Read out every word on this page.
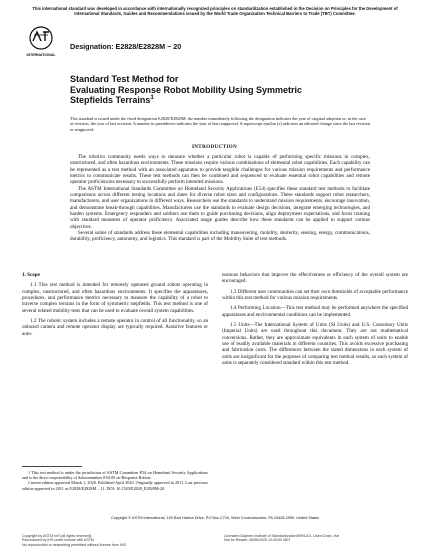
This international standard was developed in accordance with internationally recognized principles on standardization established in the Decision on Principles for the Development of International Standards, Guides and Recommendations issued by the World Trade Organization Technical Barriers to Trade (TBT) Committee.
INTERNATIONAL
Designation: E2828/E2828M − 20
Standard Test Method for
Evaluating Response Robot Mobility Using Symmetric
Stepfields Terrains$^1$
This standard is issued under the fixed designation E2828/E2828M; the number immediately following the designation indicates the year of original adoption or, in the case of revision, the year of last revision. A number in parentheses indicates the year of last reapproval. A superscript epsilon (ε) indicates an editorial change since the last revision or reapproval.
INTRODUCTION

The robotics community needs ways to measure whether a particular robot is capable of performing specific missions in complex, unstructured, and often hazardous environments. These missions require various combinations of elemental robot capabilities. Each capability can be represented as a test method with an associated apparatus to provide tangible challenges for various mission requirements and performance metrics to communicate results. These test methods can then be combined and sequenced to evaluate essential robot capabilities and remote operator proficiencies necessary to successfully perform intended missions.

The ASTM International Standards Committee on Homeland Security Applications (E54) specifies these standard test methods to facilitate comparisons across different testing locations and dates for diverse robot sizes and configurations. These standards support robot researchers, manufacturers, and user organizations in different ways. Researchers use the standards to understand mission requirements, encourage innovation, and demonstrate break-through capabilities. Manufacturers use the standards to evaluate design decisions, integrate emerging technologies, and harden systems. Emergency responders and soldiers use them to guide purchasing decisions, align deployment expectations, and focus training with standard measures of operator proficiency. Associated usage guides describe how these standards can be applied to support various objectives.

Several suites of standards address these elemental capabilities including maneuvering, mobility, dexterity, sensing, energy, communications, durability, proficiency, autonomy, and logistics. This standard is part of the Mobility Suite of test methods.

1. Scope

1.1 This test method is intended for remotely operated ground robots operating in complex, unstructured, and often hazardous environments. It specifies the apparatuses, procedures, and performance metrics necessary to measure the capability of a robot to traverse complex terrains in the form of symmetric stepfields. This test method is one of several related mobility tests that can be used to evaluate overall system capabilities.

1.2 The robotic system includes a remote operator in control of all functionality, so an onboard camera and remote operator display are typically required. Assistive features or auto-

nomous behaviors that improve the effectiveness or efficiency of the overall system are encouraged.

1.3 Different user communities can set their own thresholds of acceptable performance within this test method for various mission requirements.

1.4 Performing Location—This test method may be performed anywhere the specified apparatuses and environmental conditions can be implemented.

1.5 Units—The International System of Units (SI Units) and U.S. Customary Units (Imperial Units) are used throughout this document. They are not mathematical conversions. Rather, they are approximate equivalents in each system of units to enable use of readily available materials in different countries. This avoids excessive purchasing and fabrication costs. The differences between the stated dimensions in each system of units are insignificant for the purposes of comparing test method results, so each system of units is separately considered standard within this test method.

1 This test method is under the jurisdiction of ASTM Committee E54 on Homeland Security Applications and is the direct responsibility of Subcommittee E54.09 on Response Robots.

Current edition approved March 1, 2020. Published April 2020. Originally approved in 2011. Last previous edition approved in 2011 as E2828/E2828M – 11. DOI: 10.1520/E2828_E2828M-20.

Copyright © ASTM International, 100 Barr Harbor Drive, PO Box C700, West Conshohocken, PA 19428-2959. United States
Copyright by ASTM Int'l (all rights reserved);
Reproduced by IHS under license with ASTM
No reproduction or networking permitted without license from IHS
Licensee=Daphne Institute of Standardization/5991101, User=Chan, Hai
Not for Resale, 06/06/2020 10:49:50 MDT
